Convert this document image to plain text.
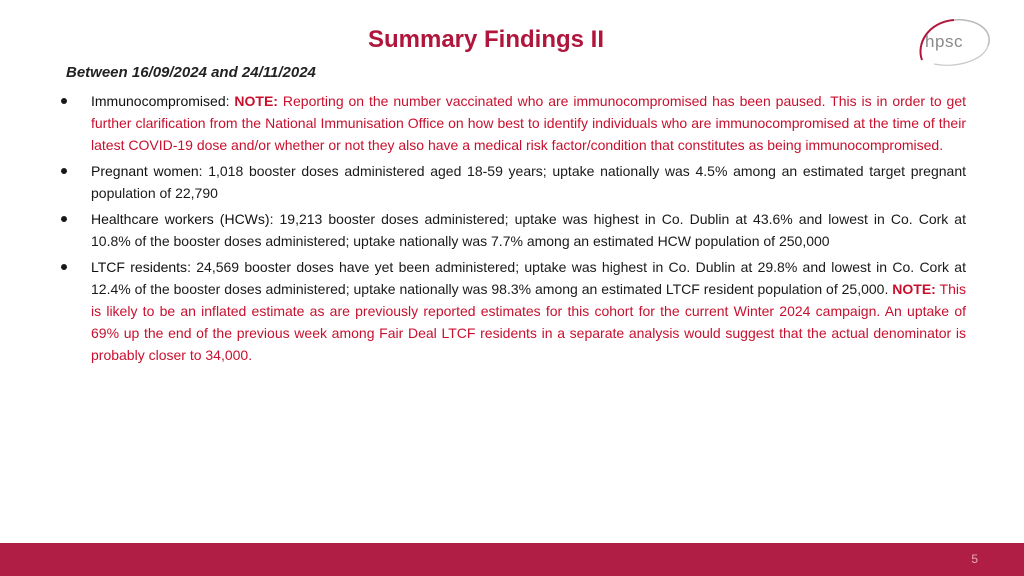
Summary Findings II	hpsc
Between 16/09/2024 and 24/11/2024
Immunocompromised: NOTE: Reporting on the number vaccinated who are immunocompromised has been paused. This is in order to get further clarification from the National Immunisation Office on how best to identify individuals who are immunocompromised at the time of their latest COVID-19 dose and/or whether or not they also have a medical risk factor/condition that constitutes as being immunocompromised.
Pregnant women: 1,018 booster doses administered aged 18-59 years; uptake nationally was 4.5% among an estimated target pregnant population of 22,790
Healthcare workers (HCWs): 19,213 booster doses administered; uptake was highest in Co. Dublin at 43.6% and lowest in Co. Cork at 10.8% of the booster doses administered; uptake nationally was 7.7% among an estimated HCW population of 250,000
LTCF residents: 24,569 booster doses have yet been administered; uptake was highest in Co. Dublin at 29.8% and lowest in Co. Cork at 12.4% of the booster doses administered; uptake nationally was 98.3% among an estimated LTCF resident population of 25,000. NOTE: This is likely to be an inflated estimate as are previously reported estimates for this cohort for the current Winter 2024 campaign. An uptake of 69% up the end of the previous week among Fair Deal LTCF residents in a separate analysis would suggest that the actual denominator is probably closer to 34,000.
5
